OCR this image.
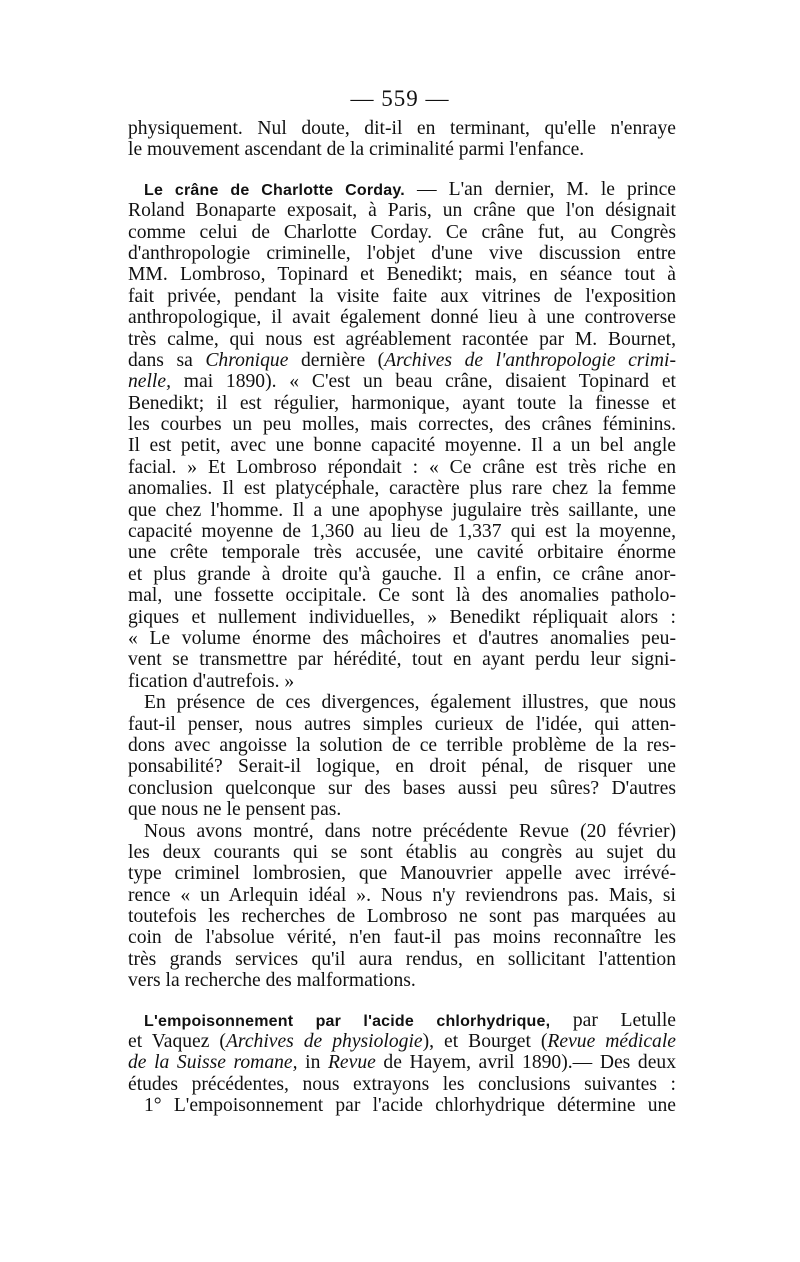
— 559 —
physiquement. Nul doute, dit-il en terminant, qu'elle n'enraye
le mouvement ascendant de la criminalité parmi l'enfance.
Le crâne de Charlotte Corday. — L'an dernier, M. le prince
Roland Bonaparte exposait, à Paris, un crâne que l'on désignait
comme celui de Charlotte Corday. Ce crâne fut, au Congrès
d'anthropologie criminelle, l'objet d'une vive discussion entre
MM. Lombroso, Topinard et Benedikt; mais, en séance tout à
fait privée, pendant la visite faite aux vitrines de l'exposition
anthropologique, il avait également donné lieu à une controverse
très calme, qui nous est agréablement racontée par M. Bournet,
dans sa Chronique dernière (Archives de l'anthropologie crimi-
nelle, mai 1890). « C'est un beau crâne, disaient Topinard et
Benedikt; il est régulier, harmonique, ayant toute la finesse et
les courbes un peu molles, mais correctes, des crânes féminins.
Il est petit, avec une bonne capacité moyenne. Il a un bel angle
facial. » Et Lombroso répondait : « Ce crâne est très riche en
anomalies. Il est platycéphale, caractère plus rare chez la femme
que chez l'homme. Il a une apophyse jugulaire très saillante, une
capacité moyenne de 1,360 au lieu de 1,337 qui est la moyenne,
une crête temporale très accusée, une cavité orbitaire énorme
et plus grande à droite qu'à gauche. Il a enfin, ce crâne anor-
mal, une fossette occipitale. Ce sont là des anomalies patholo-
giques et nullement individuelles, » Benedikt répliquait alors :
« Le volume énorme des mâchoires et d'autres anomalies peu-
vent se transmettre par hérédité, tout en ayant perdu leur signi-
fication d'autrefois. »
En présence de ces divergences, également illustres, que nous
faut-il penser, nous autres simples curieux de l'idée, qui atten-
dons avec angoisse la solution de ce terrible problème de la res-
ponsabilité? Serait-il logique, en droit pénal, de risquer une
conclusion quelconque sur des bases aussi peu sûres? D'autres
que nous ne le pensent pas.
Nous avons montré, dans notre précédente Revue (20 février)
les deux courants qui se sont établis au congrès au sujet du
type criminel lombrosien, que Manouvrier appelle avec irrévé-
rence « un Arlequin idéal ». Nous n'y reviendrons pas. Mais, si
toutefois les recherches de Lombroso ne sont pas marquées au
coin de l'absolue vérité, n'en faut-il pas moins reconnaître les
très grands services qu'il aura rendus, en sollicitant l'attention
vers la recherche des malformations.
L'empoisonnement par l'acide chlorhydrique, par Letulle
et Vaquez (Archives de physiologie), et Bourget (Revue médicale
de la Suisse romane, in Revue de Hayem, avril 1890).— Des deux
études précédentes, nous extrayons les conclusions suivantes :
1° L'empoisonnement par l'acide chlorhydrique détermine une
